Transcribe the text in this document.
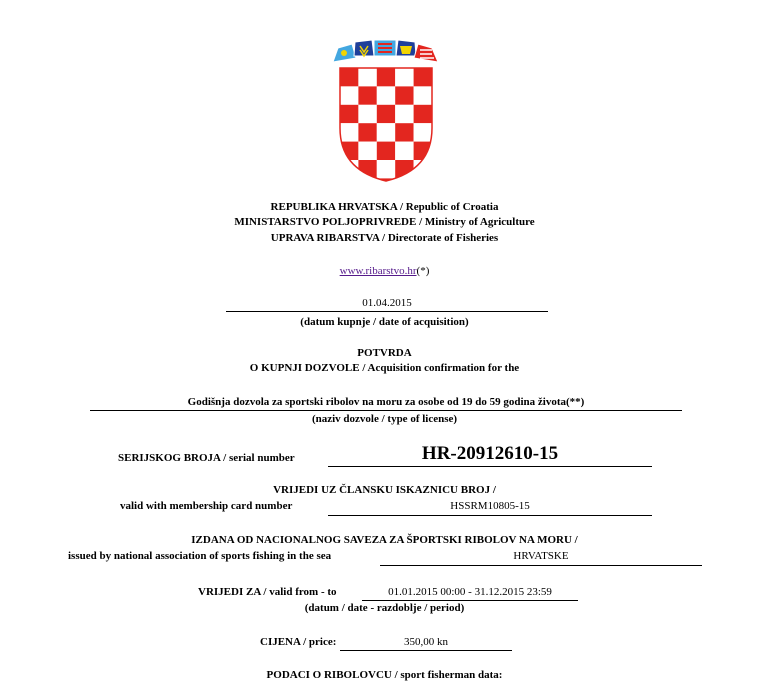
REPUBLIKA HRVATSKA / Republic of Croatia
MINISTARSTVO POLJOPRIVREDE / Ministry of Agriculture
UPRAVA RIBARSTVA / Directorate of Fisheries
www.ribarstvo.hr(*)
01.04.2015
(datum kupnje / date of acquisition)
POTVRDA
O KUPNJI DOZVOLE / Acquisition confirmation for the
Godišnja dozvola za sportski ribolov na moru za osobe od 19 do 59 godina života(**)
(naziv dozvole / type of license)
SERIJSKOG BROJA / serial number	HR-20912610-15
VRIJEDI UZ ČLANSKU ISKAZNICU BROJ /
valid with membership card number	HSSRM10805-15
IZDANA OD NACIONALNOG SAVEZA ZA ŠPORTSKI RIBOLOV NA MORU /
issued by national association of sports fishing in the sea	HRVATSKE
VRIJEDI ZA / valid from - to	01.01.2015 00:00 - 31.12.2015 23:59
(datum / date - razdoblje / period)
CIJENA / price:	350,00 kn
PODACI O RIBOLOVCU / sport fisherman data:
